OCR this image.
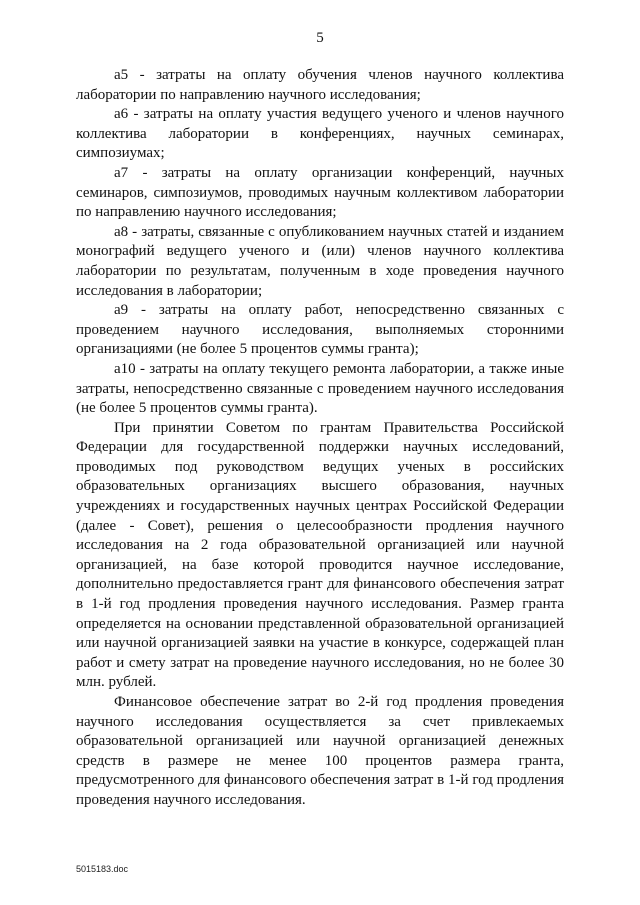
5

а5 - затраты на оплату обучения членов научного коллектива лаборатории по направлению научного исследования;

а6 - затраты на оплату участия ведущего ученого и членов научного коллектива лаборатории в конференциях, научных семинарах, симпозиумах;

а7 - затраты на оплату организации конференций, научных семинаров, симпозиумов, проводимых научным коллективом лаборатории по направлению научного исследования;

а8 - затраты, связанные с опубликованием научных статей и изданием монографий ведущего ученого и (или) членов научного коллектива лаборатории по результатам, полученным в ходе проведения научного исследования в лаборатории;

а9 - затраты на оплату работ, непосредственно связанных с проведением научного исследования, выполняемых сторонними организациями (не более 5 процентов суммы гранта);

а10 - затраты на оплату текущего ремонта лаборатории, а также иные затраты, непосредственно связанные с проведением научного исследования (не более 5 процентов суммы гранта).

При принятии Советом по грантам Правительства Российской Федерации для государственной поддержки научных исследований, проводимых под руководством ведущих ученых в российских образовательных организациях высшего образования, научных учреждениях и государственных научных центрах Российской Федерации (далее - Совет), решения о целесообразности продления научного исследования на 2 года образовательной организацией или научной организацией, на базе которой проводится научное исследование, дополнительно предоставляется грант для финансового обеспечения затрат в 1-й год продления проведения научного исследования. Размер гранта определяется на основании представленной образовательной организацией или научной организацией заявки на участие в конкурсе, содержащей план работ и смету затрат на проведение научного исследования, но не более 30 млн. рублей.

Финансовое обеспечение затрат во 2-й год продления проведения научного исследования осуществляется за счет привлекаемых образовательной организацией или научной организацией денежных средств в размере не менее 100 процентов размера гранта, предусмотренного для финансового обеспечения затрат в 1-й год продления проведения научного исследования.

5015183.doc
